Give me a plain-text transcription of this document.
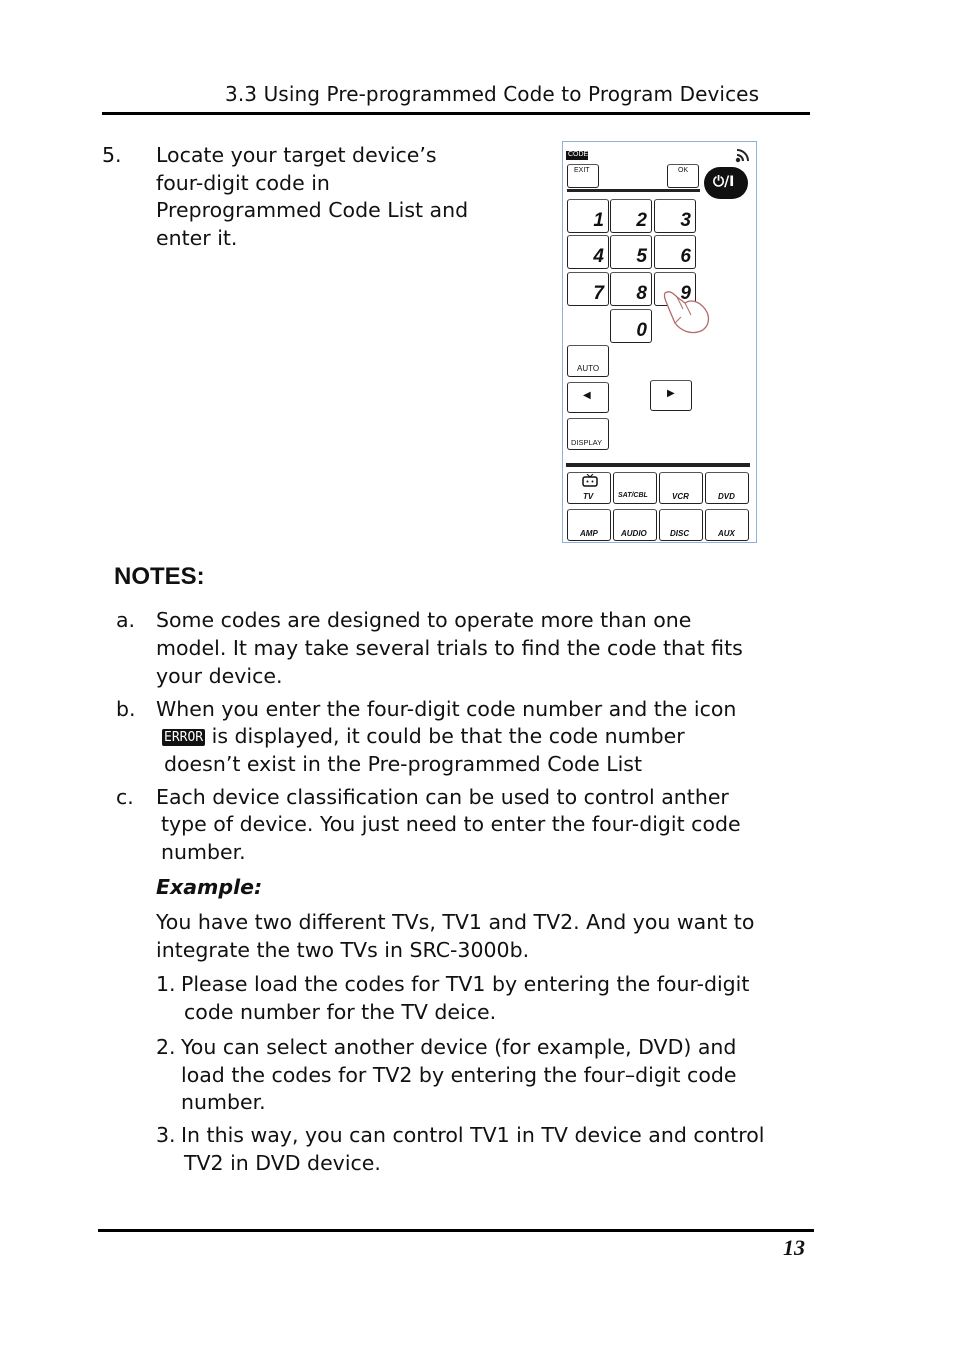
3.3 Using Pre-programmed Code to Program Devices
5. Locate your target device’s
four-digit code in
Preprogrammed Code List and
enter it.
CODE
EXIT	OK
⏻/I
1 2 3
4 5 6
7 8 9
0
AUTO
◀	▶
DISPLAY
TV	SAT/CBL	VCR	DVD
AMP	AUDIO	DISC	AUX
NOTES:
a. Some codes are designed to operate more than one
model. It may take several trials to find the code that fits
your device.
b. When you enter the four-digit code number and the icon
ERROR is displayed, it could be that the code number
doesn’t exist in the Pre-programmed Code List
c. Each device classification can be used to control anther
type of device. You just need to enter the four-digit code
number.
Example:
You have two different TVs, TV1 and TV2. And you want to
integrate the two TVs in SRC-3000b.
1. Please load the codes for TV1 by entering the four-digit
code number for the TV deice.
2. You can select another device (for example, DVD) and
load the codes for TV2 by entering the four–digit code
number.
3. In this way, you can control TV1 in TV device and control
TV2 in DVD device.
13
